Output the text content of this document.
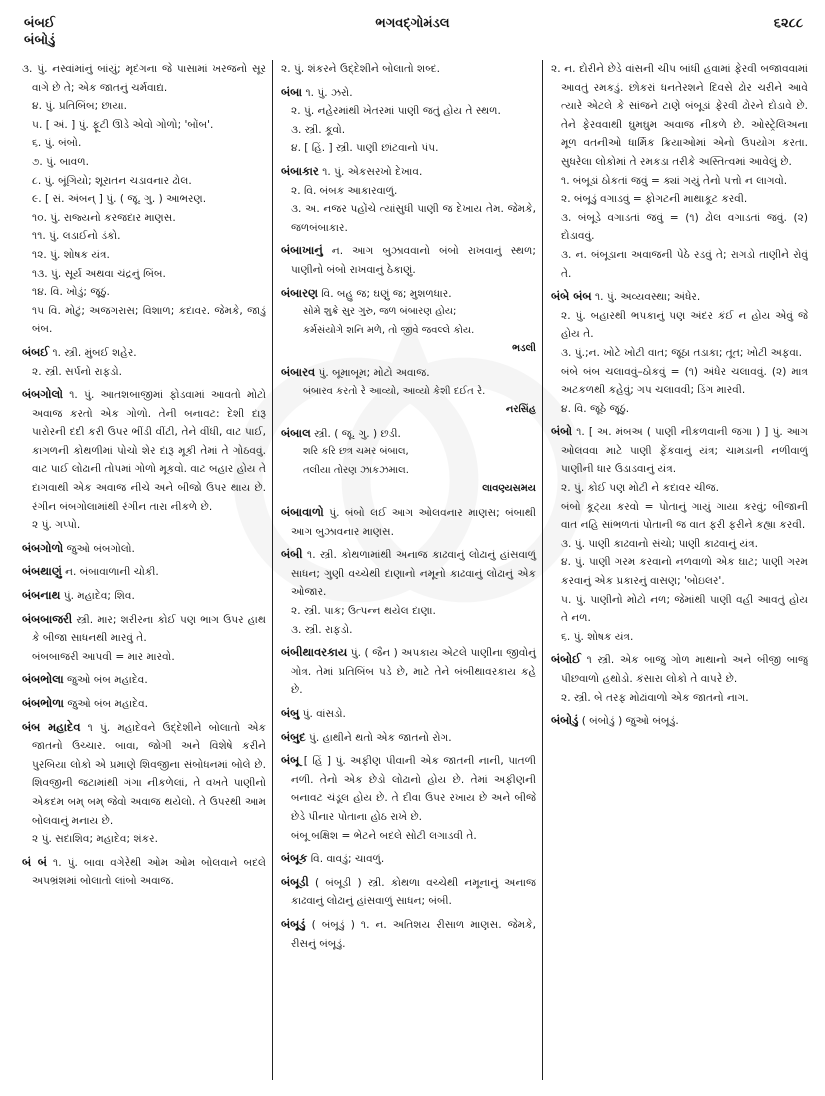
બંબઈ
બંબોડું
ભગવદ્ગોમંડલ	૬૨૮૮
૩. પું. નસ્વાંમાંનું બાંયું; મૃદંગના જે પાસામાં ખરજનો સૂર વાગે છે તે; એક જાતનું ચર્મવાદ્ય.
૪. પું. પ્રતિબિંબ; છાયા.
૫. [ અં. ] પું. ફૂટી ઊડે એવો ગોળો; 'બોંબ'.
૬. પું. બંબો.
૭. પું. બાવળ.
૮. પું. બૂંગિયો; શૂરાતન ચડાવનાર ઢોલ.
૯. [ સં. અંબન્ ] પું. ( જૂ. ગુ. ) આભરણ.
૧૦. પું. રાજ્યનો કરજદાર માણસ.
૧૧. પું. લડાઈનો ડંકો.
૧૨. પું. શોષક યંત્ર.
૧૩. પું. સૂર્ય અથવા ચંદ્રનું બિંબ.
૧૪. વિ. ખોડું; જૂઠું.
૧૫ વિ. મોટું; અજગરાસ; વિશાળ; કદાવર. જેમકે, જાડું બંબ.
બંબઈ ૧. સ્ત્રી. મુંબઈ શહેર.
૨. સ્ત્રી. સર્પનો રાફડો.
બંબગોલો ૧. પું. આતશબાજીમાં ફોડવામાં આવતો મોટો અવાજ કરતો એક ગોળો. તેની બનાવટ: દેશી દારૂ પારોરની દદી કરી ઉપર ભીંડી વીંટી, તેને વીંધી, વાટ પાઈ, કાગળની કોથળીમાં પોચો શેર દારૂ મૂકી તેમાં તે ગોઠવવું. વાટ પાઈ લોઢાની તોપમાં ગોળો મૂકવો. વાટ બહાર હોય તે દાગવાથી એક અવાજ નીચે અને બીજો ઉપર થાય છે. રંગીન બંબગોલામાંથી રંગીન તારા નીકળે છે.
૨ પું. ગપ્પો.
બંબગોળો જુઓ બંબગોલો.
બંબથાણું ન. બંબાવાળાની ચોકી.
બંબનાથ પું. મહાદેવ; શિવ.
બંબબાજરી સ્ત્રી. માર; શરીરના કોઈ પણ ભાગ ઉપર હાથ કે બીજા સાધનથી મારવું તે.
બંબબાજરી આપવી = માર મારવો.
બંબભોલા જુઓ બંબ મહાદેવ.
બંબભોળા જુઓ બંબ મહાદેવ.
બંબ મહાદેવ ૧ પું. મહાદેવને ઉદ્દેશીને બોલાતો એક જાતનો ઉચ્ચાર. બાવા, જોગી અને વિશેષે કરીને પુરબિયા લોકો એ પ્રમાણે શિવજીના સંબોધનમાં બોલે છે. શિવજીની જટામાંથી ગંગા નીકળેલાં, તે વખતે પાણીનો એકદમ બમ્ બમ્ જેવો અવાજ થયેલો. તે ઉપરથી આમ બોલવાનું મનાય છે.
૨ પું. સદાશિવ; મહાદેવ; શંકર.
બં બં ૧. પું. બાવા વગેરેથી ઓમ ઓમ બોલવાને બદલે અપભ્રંશમાં બોલાતો લાંબો અવાજ.
૨. પું. શંકરને ઉદ્દેશીને બોલાતો શબ્દ.
બંબા ૧. પું. ઝરો.
૨. પું. નહેરમાંથી ખેતરમાં પાણી જતું હોય તે સ્થળ.
૩. સ્ત્રી. કૂવો.
૪. [ હિં. ] સ્ત્રી. પાણી છાંટવાનો પંપ.
બંબાકાર ૧. પું. એકસરખો દેખાવ.
૨. વિ. બંબક આકારવાળું.
૩. અ. નજર પહોંચે ત્યાંસુધી પાણી જ દેખાય તેમ. જેમકે, જળબંબાકાર.
બંબાખાનું ન. આગ બુઝાવવાનો બંબો રાખવાનું સ્થળ; પાણીનો બંબો રાખવાનું ઠેકાણું.
બંબારણ વિ. બહુ જ; ઘણું જ; મુશળધાર.
સોમે શુક્રે સુર ગુરુ, જળ બંબારણ હોય;
કર્મસંયોગે શનિ મળે, તો જીવે જવલ્લે કોય.
ભડલી
બંબારવ પું. બૂમાબૂમ; મોટો અવાજ.
બંબારવ કરતો રે આવ્યો, આવ્યો કેશી દઈત રે.
નરસિંહ
બંબાલ સ્ત્રી. ( જૂ. ગુ. ) છડી.
શરિ કરિ છત્ર ચમર બંબાલ,
તલીયા તોરણ ઝાકઝમાલ.
લાવણ્યસમય
બંબાવાળો પું. બંબો લઈ આગ ઓલવનાર માણસ; બંબાથી આગ બુઝાવનાર માણસ.
બંબી ૧. સ્ત્રી. કોથળામાંથી અનાજ કાઢવાનું લોઢાનું હાંસવાળું સાધન; ગુણી વચ્ચેથી દાણાનો નમૂનો કાઢવાનું લોઢાનું એક ઓજાર.
૨. સ્ત્રી. પાક; ઉત્પન્ન થયેલ દાણા.
૩. સ્ત્રી. રાફડો.
બંબીથાવરકાય પું. ( જૈન ) અપકાય એટલે પાણીના જીવોનું ગોત્ર. તેમાં પ્રતિબિંબ પડે છે, માટે તેને બંબીથાવરકાય કહે છે.
બંબુ પું. વાંસડો.
બંબુદ પું. હાથીને થતો એક જાતનો રોગ.
બંબૂ [ હિં ] પું. અફીણ પીવાની એક જાતની નાની, પાતળી નળી. તેનો એક છેડો લોઢાનો હોય છે. તેમાં અફીણની બનાવટ ચંડૂલ હોય છે. તે દીવા ઉપર રખાય છે અને બીજે છેડે પીનાર પોતાના હોઠ રાખે છે.
બંબૂ બક્ષિશ = ભેટને બદલે સોટી લગાડવી તે.
બંબૂક વિ. વાવડું; ચાવળું.
બંબૂડી ( બંબૂડી ) સ્ત્રી. કોથળા વચ્ચેથી નમૂનાનું અનાજ કાઢવાનું લોઢાનું હાંસવાળું સાધન; બંબી.
બંબૂડું ( બંબૂડું ) ૧. ન. અતિશય રીસાળ માણસ. જેમકે, રીસનું બંબૂડું.
૨. ન. દોરીને છેડે વાંસની ચીપ બાંધી હવામાં ફેરવી બજાવવામાં આવતું રમકડું. છોકરાં ધનતેરશને દિવસે ઢોર ચરીને આવે ત્યારે એટલે કે સાંજને ટાણે બંબૂડાં ફેરવી ઢોરને દોડાવે છે. તેને ફેરવવાથી ઘુમઘુમ અવાજ નીકળે છે. ઓસ્ટ્રેલિઅના મૂળ વતનીઓ ધાર્મિક ક્રિયાઓમાં એનો ઉપયોગ કરતા. સુધરેલા લોકોમાં તે રમકડા તરીકે અસ્તિત્વમાં આવેલું છે.
૧. બંબૂડાં ઠોકતાં જવું = ક્યાં ગયું તેનો પત્તો ન લાગવો.
૨. બંબૂડું વગાડવું = ફોગટની માથાકૂટ કરવી.
૩. બંબૂડે વગાડતાં જવું = (૧) ઢોલ વગાડતાં જવું. (૨) દોડાવવું.
૩. ન. બંબૂડાના અવાજની પેઠે રડવું તે; રાગડો તાણીને રોવું તે.
બંબે બંબ ૧. પું. અવ્યવસ્થા; અંધેર.
૨. પું. બહારથી ભપકાનું પણ અંદર કંઈ ન હોય એવું જે હોય તે.
૩. પું.;ન. ખોટે ખોટી વાત; જૂઠા તડાકા; તૂત; ખોટી અફવા.
બંબે બંબ ચલાવવું–ઠોકવું = (૧) અંધેર ચલાવવું. (૨) માત્ર અટકળથી કહેવું; ગપ ચલાવવી; ડિંગ મારવી.
૪. વિ. જૂઠે જૂઠું.
બંબો ૧. [ અ. મંબઅ ( પાણી નીકળવાની જગા ) ] પું. આગ ઓલવવા માટે પાણી ફેંકવાનું યંત્ર; ચામડાની નળીવાળું પાણીની ધાર ઉડાડવાનું યંત્ર.
૨. પું. કોઈ પણ મોટી ને કદાવર ચીજ.
બંબો કૂટ્યા કરવો = પોતાનું ગાયું ગાયા કરવું; બીજાની વાત નહિ સાંભળતાં પોતાની જ વાત ફરી ફરીને કહ્યા કરવી.
૩. પું. પાણી કાઢવાનો સંચો; પાણી કાઢવાનું યંત્ર.
૪. પું. પાણી ગરમ કરવાનો નળવાળો એક ઘાટ; પાણી ગરમ કરવાનું એક પ્રકારનું વાસણ; 'બોઇલર'.
૫. પું. પાણીનો મોટો નળ; જેમાંથી પાણી વહી આવતું હોય તે નળ.
૬. પું. શોષક યંત્ર.
બંબોઈ ૧ સ્ત્રી. એક બાજુ ગોળ માથાનો અને બીજી બાજુ પીછવાળો હથોડો. કંસારા લોકો તે વાપરે છે.
૨. સ્ત્રી. બે તરફ મોઢાંવાળો એક જાતનો નાગ.
બંબોડું ( બંબોડું ) જુઓ બંબૂડું.
